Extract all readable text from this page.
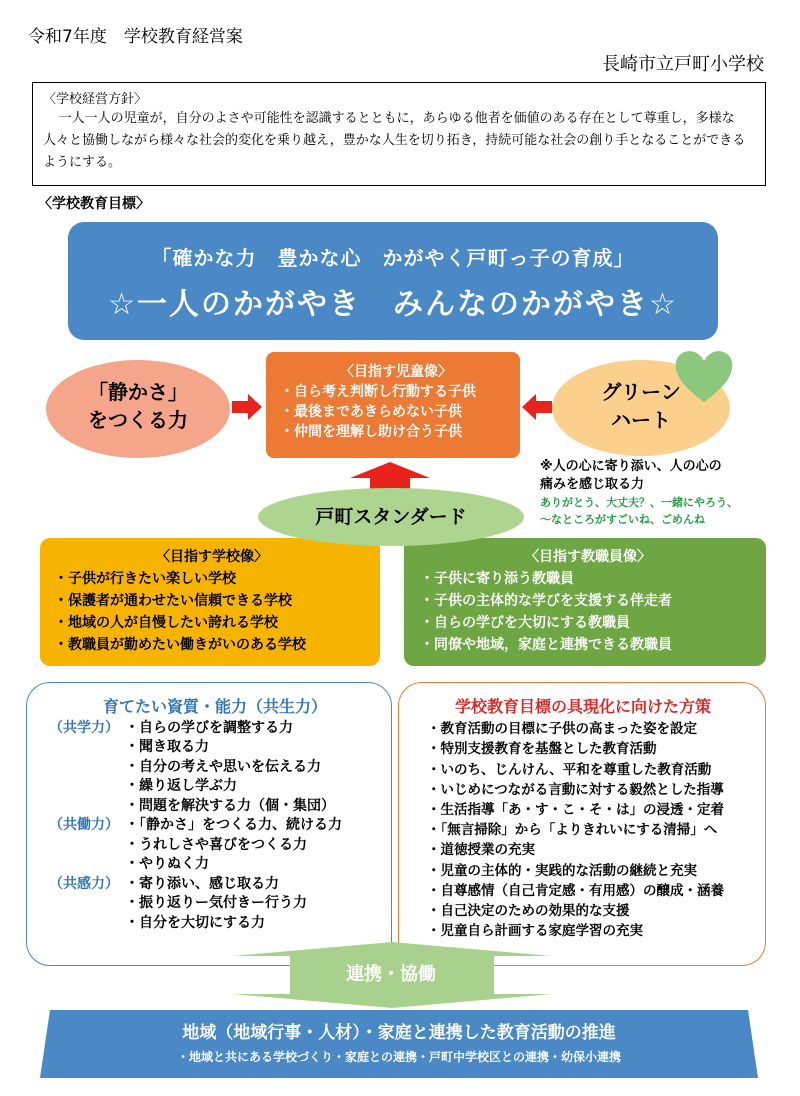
令和7年度　学校教育経営案
長崎市立戸町小学校
〈学校経営方針〉
一人一人の児童が，自分のよさや可能性を認識するとともに，あらゆる他者を価値のある存在として尊重し，多様な人々と協働しながら様々な社会的変化を乗り越え，豊かな人生を切り拓き，持続可能な社会の創り手となることができるようにする。
〈学校教育目標〉
「確かな力　豊かな心　かがやく戸町っ子の育成」
☆一人のかがやき　みんなのかがやき☆
「静かさ」
をつくる力
グリーン
ハート
〈目指す児童像〉
・自ら考え判断し行動する子供
・最後まであきらめない子供
・仲間を理解し助け合う子供
※人の心に寄り添い、人の心の
痛みを感じ取る力
ありがとう、大丈夫？、一緒にやろう、
～なところがすごいね、ごめんね
〈目指す学校像〉
・子供が行きたい楽しい学校
・保護者が通わせたい信頼できる学校
・地域の人が自慢したい誇れる学校
・教職員が勤めたい働きがいのある学校
〈目指す教職員像〉
・子供に寄り添う教職員
・子供の主体的な学びを支援する伴走者
・自らの学びを大切にする教職員
・同僚や地域，家庭と連携できる教職員
戸町スタンダード
育てたい資質・能力（共生力）
（共学力） ・自らの学びを調整する力
・聞き取る力
・自分の考えや思いを伝える力
・繰り返し学ぶ力
・問題を解決する力（個・集団）
（共働力） ・「静かさ」をつくる力、続ける力
・うれしさや喜びをつくる力
・やりぬく力
（共感力） ・寄り添い、感じ取る力
・振り返りー気付きー行う力
・自分を大切にする力
学校教育目標の具現化に向けた方策
・教育活動の目標に子供の高まった姿を設定
・特別支援教育を基盤とした教育活動
・いのち、じんけん、平和を尊重した教育活動
・いじめにつながる言動に対する毅然とした指導
・生活指導「あ・す・こ・そ・は」の浸透・定着
・「無言掃除」から「よりきれいにする清掃」へ
・道徳授業の充実
・児童の主体的・実践的な活動の継続と充実
・自尊感情（自己肯定感・有用感）の醸成・涵養
・自己決定のための効果的な支援
・児童自ら計画する家庭学習の充実
連携・協働
地域（地域行事・人材）・家庭と連携した教育活動の推進
・地域と共にある学校づくり・家庭との連携・戸町中学校区との連携・幼保小連携
